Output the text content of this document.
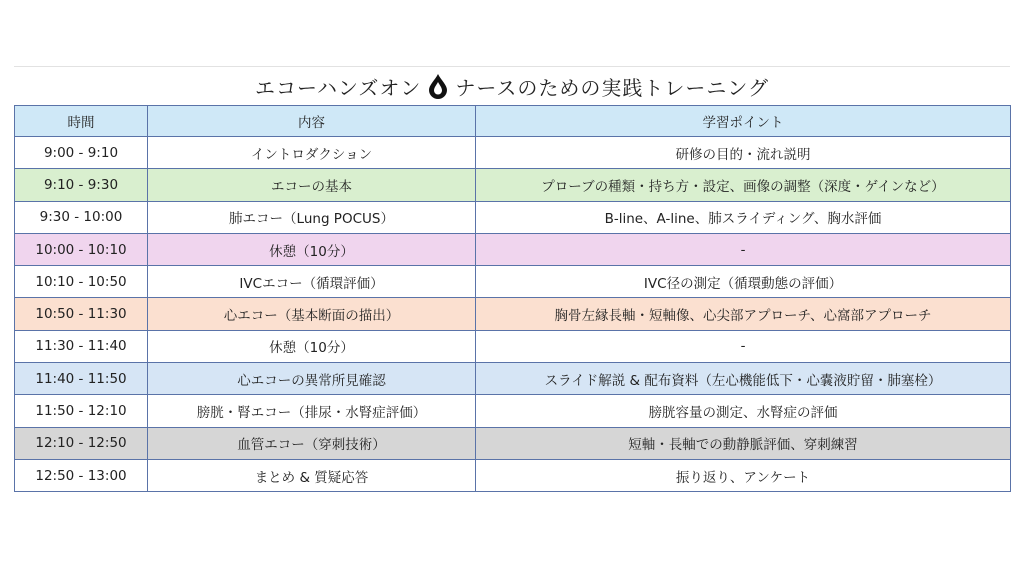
エコーハンズオン ナースのための実践トレーニング
時間	内容	学習ポイント
9:00 - 9:10	イントロダクション	研修の目的・流れ説明
9:10 - 9:30	エコーの基本	プローブの種類・持ち方・設定、画像の調整（深度・ゲインなど）
9:30 - 10:00	肺エコー（Lung POCUS）	B-line、A-line、肺スライディング、胸水評価
10:00 - 10:10	休憩（10分）	-
10:10 - 10:50	IVCエコー（循環評価）	IVC径の測定（循環動態の評価）
10:50 - 11:30	心エコー（基本断面の描出）	胸骨左縁長軸・短軸像、心尖部アプローチ、心窩部アプローチ
11:30 - 11:40	休憩（10分）	-
11:40 - 11:50	心エコーの異常所見確認	スライド解説 & 配布資料（左心機能低下・心嚢液貯留・肺塞栓）
11:50 - 12:10	膀胱・腎エコー（排尿・水腎症評価）	膀胱容量の測定、水腎症の評価
12:10 - 12:50	血管エコー（穿刺技術）	短軸・長軸での動静脈評価、穿刺練習
12:50 - 13:00	まとめ & 質疑応答	振り返り、アンケート
